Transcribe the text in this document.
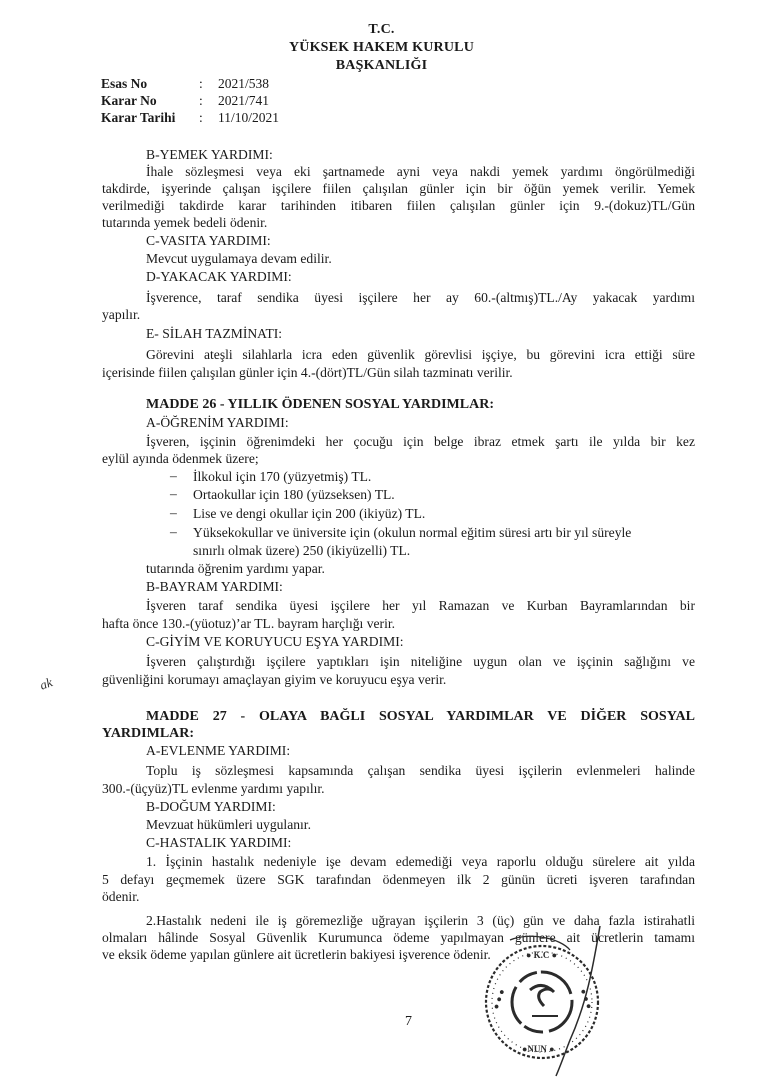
T.C.
YÜKSEK HAKEM KURULU
BAŞKANLIĞI
Esas No	: 2021/538
Karar No	: 2021/741
Karar Tarihi : 11/10/2021
B-YEMEK YARDIMI:
İhale sözleşmesi veya eki şartnamede ayni veya nakdi yemek yardımı öngörülmediği
takdirde, işyerinde çalışan işçilere fiilen çalışılan günler için bir öğün yemek verilir. Yemek
verilmediği takdirde karar tarihinden itibaren fiilen çalışılan günler için 9.-(dokuz)TL/Gün
tutarında yemek bedeli ödenir.
C-VASITA YARDIMI:
Mevcut uygulamaya devam edilir.
D-YAKACAK YARDIMI:
İşverence, taraf sendika üyesi işçilere her ay 60.-(altmış)TL./Ay yakacak yardımı
yapılır.
E- SİLAH TAZMİNATI:
Görevini ateşli silahlarla icra eden güvenlik görevlisi işçiye, bu görevini icra ettiği süre
içerisinde fiilen çalışılan günler için 4.-(dört)TL/Gün silah tazminatı verilir.
MADDE 26 - YILLIK ÖDENEN SOSYAL YARDIMLAR:
A-ÖĞRENİM YARDIMI:
İşveren, işçinin öğrenimdeki her çocuğu için belge ibraz etmek şartı ile yılda bir kez
eylül ayında ödenmek üzere;
– İlkokul için 170 (yüzyetmiş) TL.
– Ortaokullar için 180 (yüzseksen) TL.
– Lise ve dengi okullar için 200 (ikiyüz) TL.
– Yüksekokullar ve üniversite için (okulun normal eğitim süresi artı bir yıl süreyle
sınırlı olmak üzere) 250 (ikiyüzelli) TL.
tutarında öğrenim yardımı yapar.
B-BAYRAM YARDIMI:
İşveren taraf sendika üyesi işçilere her yıl Ramazan ve Kurban Bayramlarından bir
hafta önce 130.-(yüotuz)’ar TL. bayram harçlığı verir.
C-GİYİM VE KORUYUCU EŞYA YARDIMI:
İşveren çalıştırdığı işçilere yaptıkları işin niteliğine uygun olan ve işçinin sağlığını ve
güvenliğini korumayı amaçlayan giyim ve koruyucu eşya verir.
ak
MADDE 27 - OLAYA BAĞLI SOSYAL YARDIMLAR VE DİĞER SOSYAL
YARDIMLAR:
A-EVLENME YARDIMI:
Toplu iş sözleşmesi kapsamında çalışan sendika üyesi işçilerin evlenmeleri halinde
300.-(üçyüz)TL evlenme yardımı yapılır.
B-DOĞUM YARDIMI:
Mevzuat hükümleri uygulanır.
C-HASTALIK YARDIMI:
1. İşçinin hastalık nedeniyle işe devam edemediği veya raporlu olduğu sürelere ait yılda
5 defayı geçmemek üzere SGK tarafından ödenmeyen ilk 2 günün ücreti işveren tarafından
ödenir.
2.Hastalık nedeni ile iş göremezliğe uğrayan işçilerin 3 (üç) gün ve daha fazla istirahatli
olmaları hâlinde Sosyal Güvenlik Kurumunca ödeme yapılmayan günlere ait ücretlerin tamamı
ve eksik ödeme yapılan günlere ait ücretlerin bakiyesi işverence ödenir.	● K.C ●
● ● ●	● ● ●
●NUN ●
7
